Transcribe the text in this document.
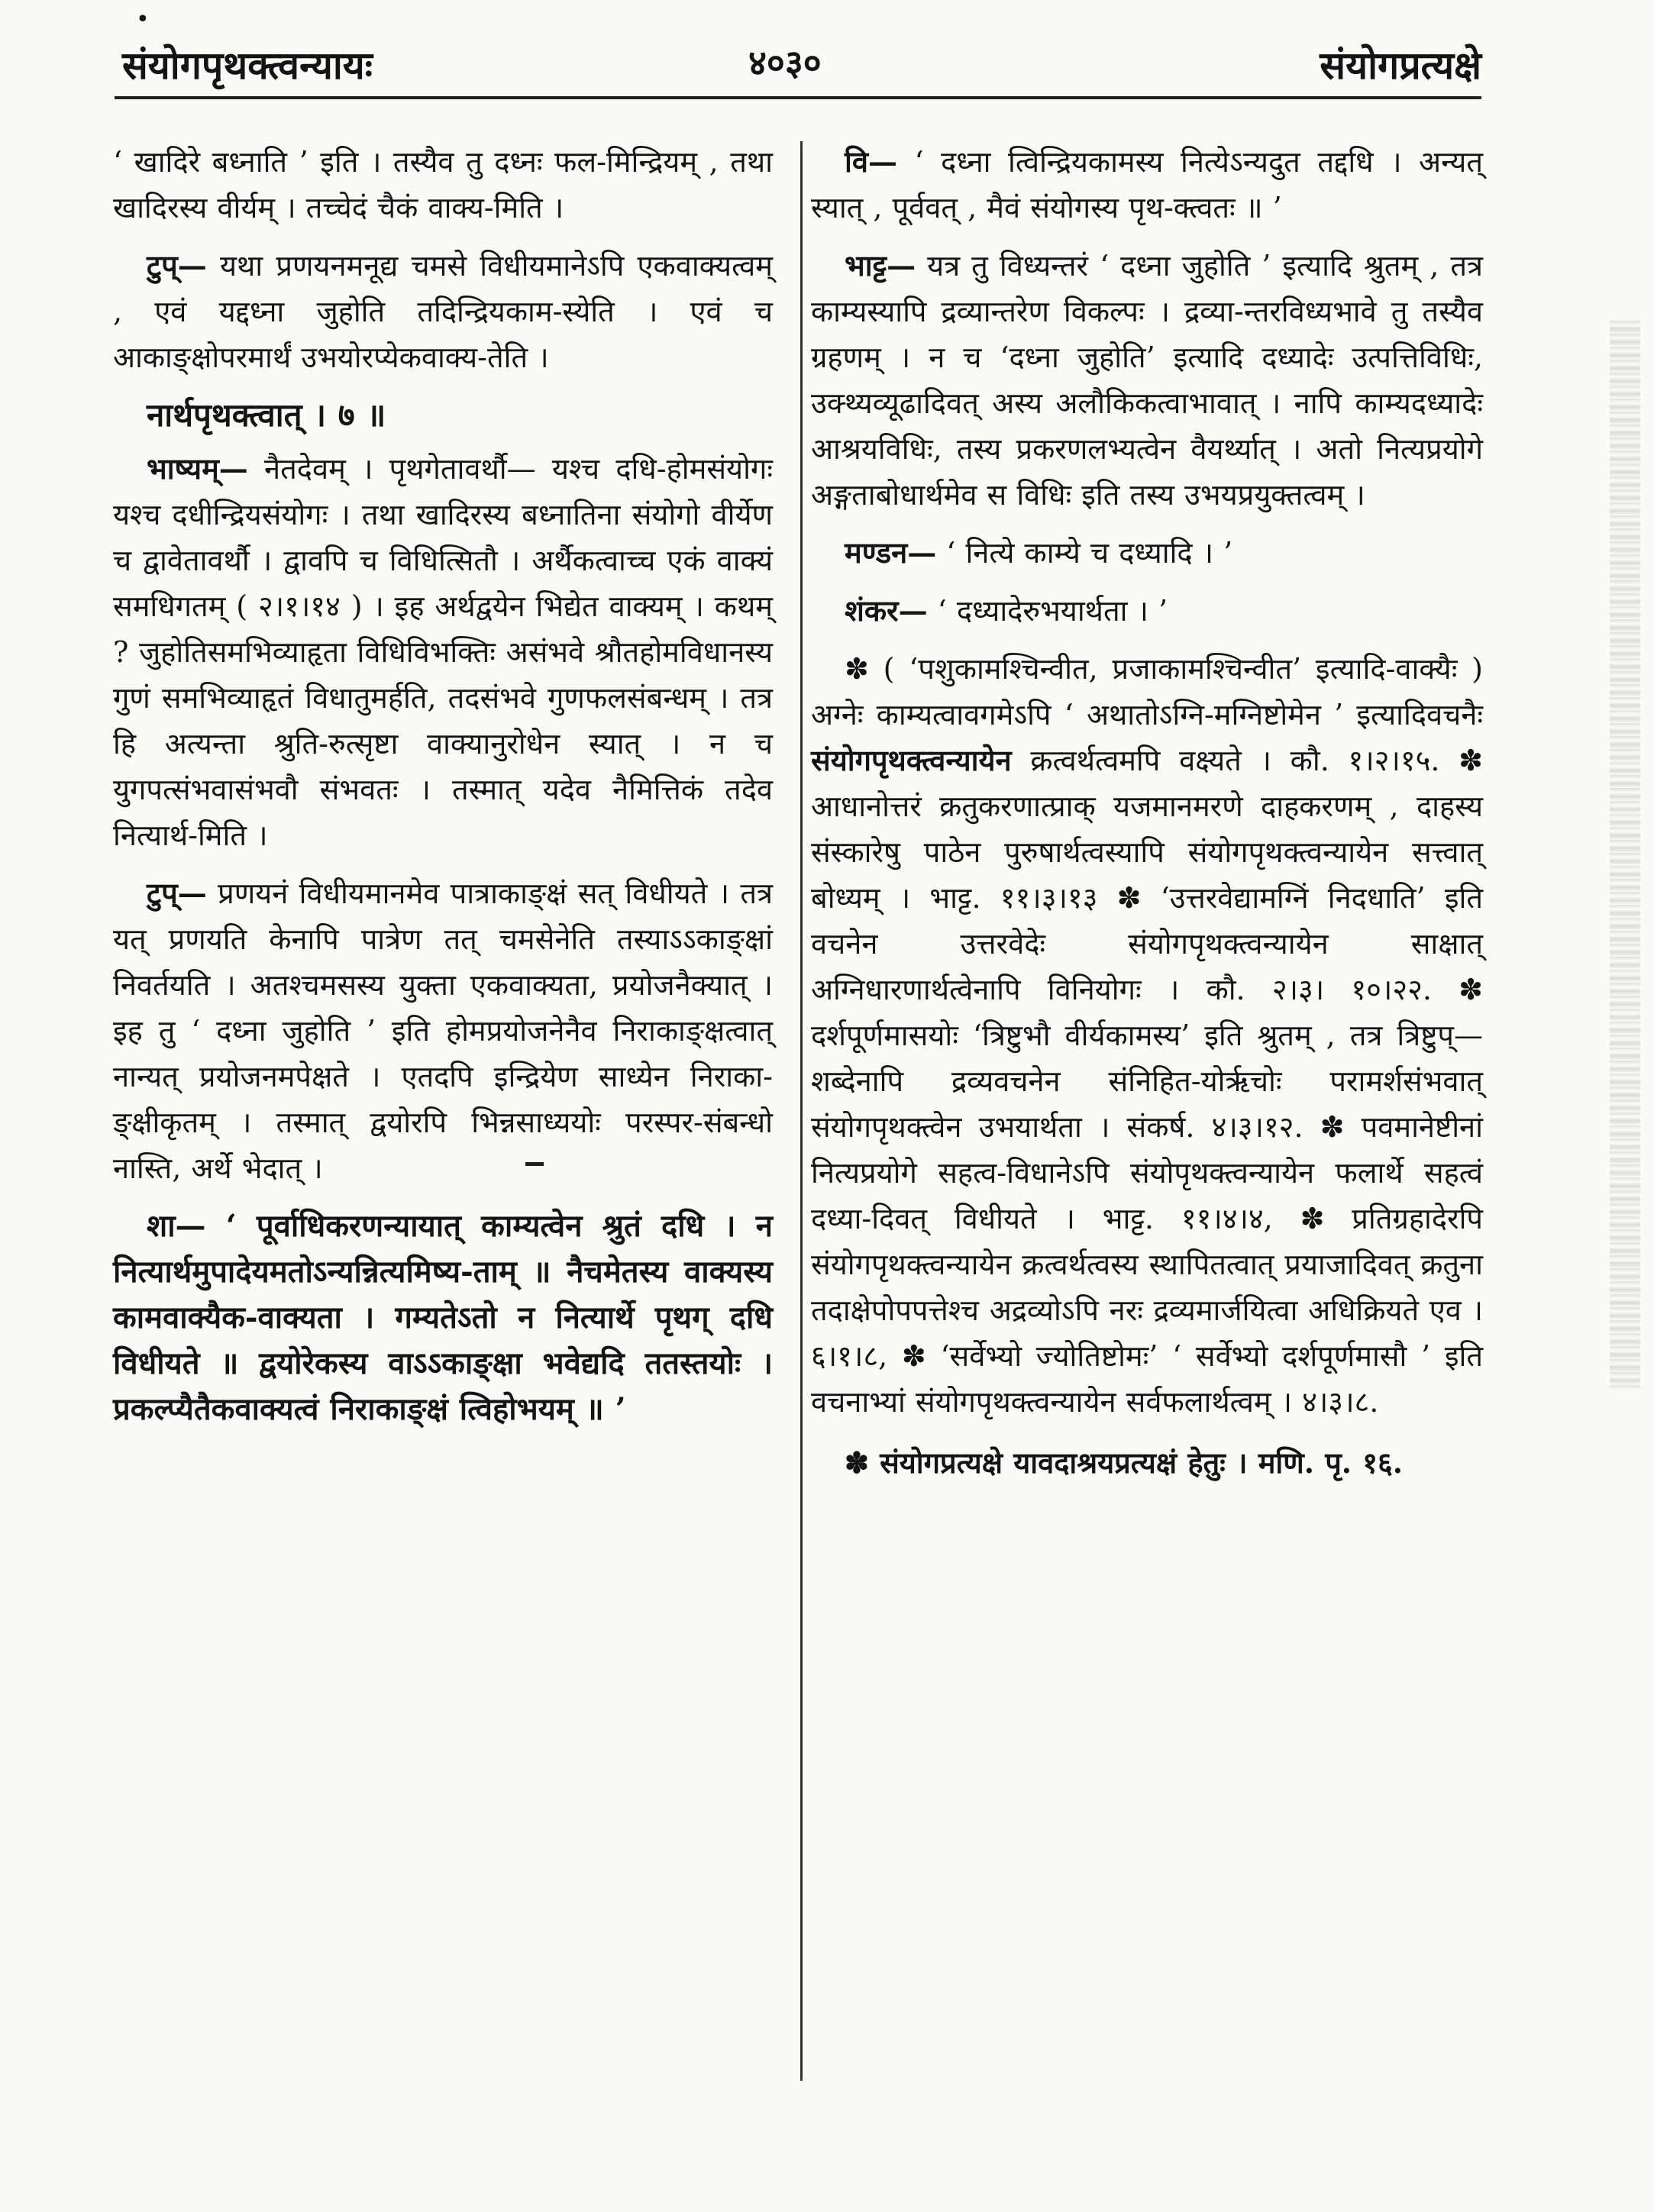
•
संयोगपृथक्त्वन्यायः	४०३०	संयोगप्रत्यक्षे

‘ खादिरे बध्नाति ’ इति । तस्यैव तु दध्नः फल-मिन्द्रियम् , तथा खादिरस्य वीर्यम् । तच्चेदं चैकं वाक्य-मिति ।

टुप्— यथा प्रणयनमनूद्य चमसे विधीयमानेऽपि एकवाक्यत्वम् , एवं यद्दध्ना जुहोति तदिन्द्रियकाम-स्येति । एवं च आकाङ्क्षोपरमार्थं उभयोरप्येकवाक्य-तेति ।

नार्थपृथक्त्वात् । ७ ॥

भाष्यम्— नैतदेवम् । पृथगेतावर्थौ— यश्च दधि-होमसंयोगः यश्च दधीन्द्रियसंयोगः । तथा खादिरस्य बध्नातिना संयोगो वीर्येण च द्वावेतावर्थौ । द्वावपि च विधित्सितौ । अर्थैकत्वाच्च एकं वाक्यं समधिगतम् ( २।१।१४ ) । इह अर्थद्वयेन भिद्येत वाक्यम् । कथम् ? जुहोतिसमभिव्याहृता विधिविभक्तिः असंभवे श्रौतहोमविधानस्य गुणं समभिव्याहृतं विधातुमर्हति, तदसंभवे गुणफलसंबन्धम् । तत्र हि अत्यन्ता श्रुति-रुत्सृष्टा वाक्यानुरोधेन स्यात् । न च युगपत्संभवासंभवौ संभवतः । तस्मात् यदेव नैमित्तिकं तदेव नित्यार्थ-मिति ।

टुप्— प्रणयनं विधीयमानमेव पात्राकाङ्क्षं सत् विधीयते । तत्र यत् प्रणयति केनापि पात्रेण तत् चमसेनेति तस्याऽऽकाङ्क्षां निवर्तयति । अतश्चमसस्य युक्ता एकवाक्यता, प्रयोजनैक्यात् । इह तु ‘ दध्ना जुहोति ’ इति होमप्रयोजनेनैव निराकाङ्क्षत्वात् नान्यत् प्रयोजनमपेक्षते । एतदपि इन्द्रियेण साध्येन निराका-ङ्क्षीकृतम् । तस्मात् द्वयोरपि भिन्नसाध्ययोः परस्पर-संबन्धो नास्ति, अर्थे भेदात् ।

शा— ‘ पूर्वाधिकरणन्यायात् काम्यत्वेन श्रुतं दधि । न नित्यार्थमुपादेयमतोऽन्यन्नित्यमिष्य-ताम् ॥ नैचमेतस्य वाक्यस्य कामवाक्यैक-वाक्यता । गम्यतेऽतो न नित्यार्थे पृथग् दधि विधीयते ॥ द्वयोरेकस्य वाऽऽकाङ्क्षा भवेद्यदि ततस्तयोः । प्रकल्प्यैतैकवाक्यत्वं निराकाङ्क्षं त्विहोभयम् ॥ ’

वि— ‘ दध्ना त्विन्द्रियकामस्य नित्येऽन्यदुत तद्दधि । अन्यत् स्यात् , पूर्ववत् , मैवं संयोगस्य पृथ-क्त्वतः ॥ ’

भाट्ट— यत्र तु विध्यन्तरं ‘ दध्ना जुहोति ’ इत्यादि श्रुतम् , तत्र काम्यस्यापि द्रव्यान्तरेण विकल्पः । द्रव्या-न्तरविध्यभावे तु तस्यैव ग्रहणम् । न च ‘दध्ना जुहोति’ इत्यादि दध्यादेः उत्पत्तिविधिः, उक्थ्यव्यूढादिवत् अस्य अलौकिकत्वाभावात् । नापि काम्यदध्यादेः आश्रयविधिः, तस्य प्रकरणलभ्यत्वेन वैयर्थ्यात् । अतो नित्यप्रयोगे अङ्गताबोधार्थमेव स विधिः इति तस्य उभयप्रयुक्तत्वम् ।

मण्डन— ‘ नित्ये काम्ये च दध्यादि । ’

शंकर— ‘ दध्यादेरुभयार्थता । ’

✽ ( ‘पशुकामश्चिन्वीत, प्रजाकामश्चिन्वीत’ इत्यादि-वाक्यैः ) अग्नेः काम्यत्वावगमेऽपि ‘ अथातोऽग्नि-मग्निष्टोमेन ’ इत्यादिवचनैः संयोगपृथक्त्वन्यायेन क्रत्वर्थत्वमपि वक्ष्यते । कौ. १।२।१५. ✽ आधानोत्तरं क्रतुकरणात्प्राक् यजमानमरणे दाहकरणम् , दाहस्य संस्कारेषु पाठेन पुरुषार्थत्वस्यापि संयोगपृथक्त्वन्यायेन सत्त्वात् बोध्यम् । भाट्ट. ११।३।१३ ✽ ‘उत्तरवेद्यामग्निं निदधाति’ इति वचनेन उत्तरवेदेः संयोगपृथक्त्वन्यायेन साक्षात् अग्निधारणार्थत्वेनापि विनियोगः । कौ. २।३। १०।२२. ✽ दर्शपूर्णमासयोः ‘त्रिष्टुभौ वीर्यकामस्य’ इति श्रुतम् , तत्र त्रिष्टुप्—शब्देनापि द्रव्यवचनेन संनिहित-योर्ऋचोः परामर्शसंभवात् संयोगपृथक्त्वेन उभयार्थता । संकर्ष. ४।३।१२. ✽ पवमानेष्टीनां नित्यप्रयोगे सहत्व-विधानेऽपि संयोपृथक्त्वन्यायेन फलार्थे सहत्वं दध्या-दिवत् विधीयते । भाट्ट. ११।४।४, ✽ प्रतिग्रहादेरपि संयोगपृथक्त्वन्यायेन क्रत्वर्थत्वस्य स्थापितत्वात् प्रयाजादिवत् क्रतुना तदाक्षेपोपपत्तेश्च अद्रव्योऽपि नरः द्रव्यमार्जयित्वा अधिक्रियते एव । ६।१।८, ✽ ‘सर्वेभ्यो ज्योतिष्टोमः’ ‘ सर्वेभ्यो दर्शपूर्णमासौ ’ इति वचनाभ्यां संयोगपृथक्त्वन्यायेन सर्वफलार्थत्वम् । ४।३।८.

✽ संयोगप्रत्यक्षे यावदाश्रयप्रत्यक्षं हेतुः । मणि. पृ. १६.
